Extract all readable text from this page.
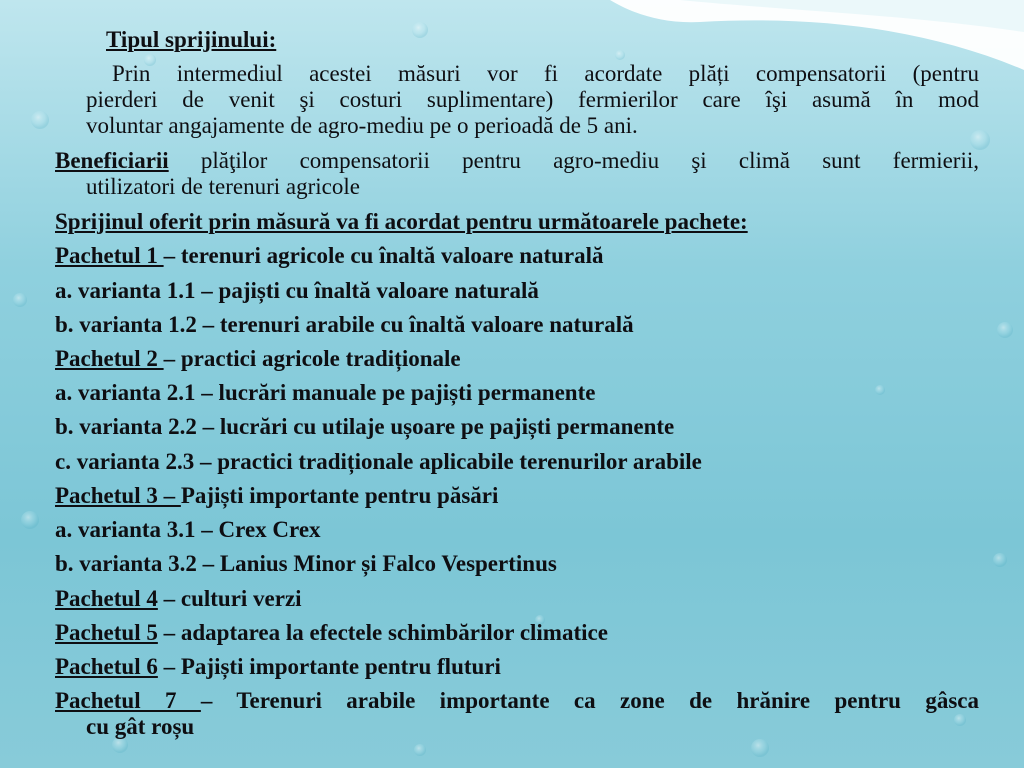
Tipul sprijinului:
Prin intermediul acestei măsuri vor fi acordate plăți compensatorii (pentru
pierderi de venit şi costuri suplimentare) fermierilor care îşi asumă în mod
voluntar angajamente de agro-mediu pe o perioadă de 5 ani.
Beneficiarii plăţilor compensatorii pentru agro-mediu şi climă sunt fermierii,
utilizatori de terenuri agricole
Sprijinul oferit prin măsură va fi acordat pentru următoarele pachete:
Pachetul 1 – terenuri agricole cu înaltă valoare naturală
a. varianta 1.1 – pajiști cu înaltă valoare naturală
b. varianta 1.2 – terenuri arabile cu înaltă valoare naturală
Pachetul 2 – practici agricole tradiționale
a. varianta 2.1 – lucrări manuale pe pajiști permanente
b. varianta 2.2 – lucrări cu utilaje ușoare pe pajiști permanente
c. varianta 2.3 – practici tradiționale aplicabile terenurilor arabile
Pachetul 3 – Pajiști importante pentru păsări
a. varianta 3.1 – Crex Crex
b. varianta 3.2 – Lanius Minor și Falco Vespertinus
Pachetul 4 – culturi verzi
Pachetul 5 – adaptarea la efectele schimbărilor climatice
Pachetul 6 – Pajiști importante pentru fluturi
Pachetul 7 – Terenuri arabile importante ca zone de hrănire pentru gâsca
cu gât roșu
